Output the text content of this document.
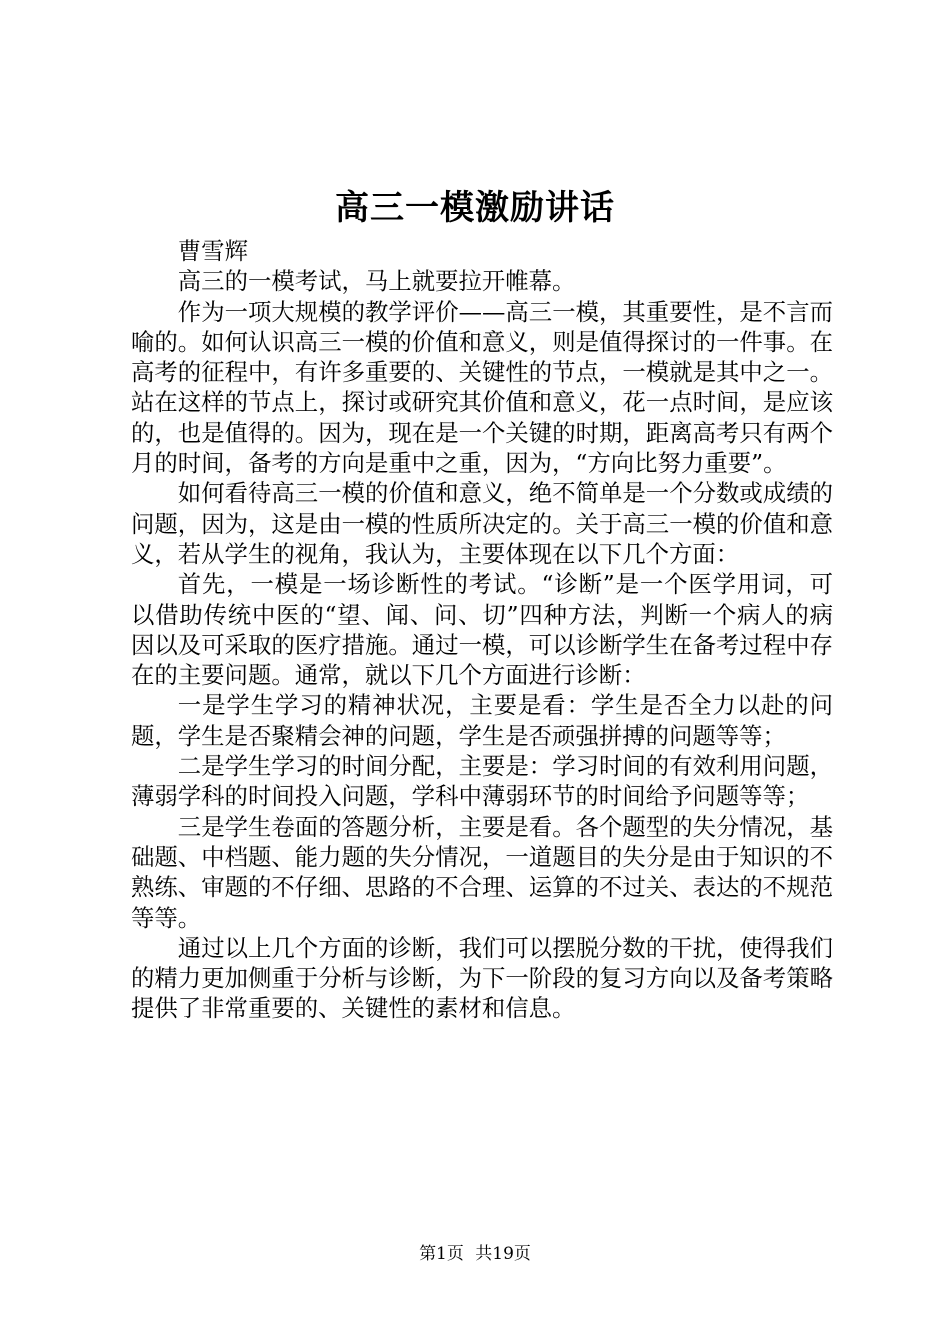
高三一模激励讲话

曹雪辉

高三的一模考试，马上就要拉开帷幕。

作为一项大规模的教学评价——高三一模，其重要性，是不言而喻的。如何认识高三一模的价值和意义，则是值得探讨的一件事。在高考的征程中，有许多重要的、关键性的节点，一模就是其中之一。站在这样的节点上，探讨或研究其价值和意义，花一点时间，是应该的，也是值得的。因为，现在是一个关键的时期，距离高考只有两个月的时间，备考的方向是重中之重，因为，“方向比努力重要”。

如何看待高三一模的价值和意义，绝不简单是一个分数或成绩的问题，因为，这是由一模的性质所决定的。关于高三一模的价值和意义，若从学生的视角，我认为，主要体现在以下几个方面：

首先，一模是一场诊断性的考试。“诊断”是一个医学用词，可以借助传统中医的“望、闻、问、切”四种方法，判断一个病人的病因以及可采取的医疗措施。通过一模，可以诊断学生在备考过程中存在的主要问题。通常，就以下几个方面进行诊断：

一是学生学习的精神状况，主要是看：学生是否全力以赴的问题，学生是否聚精会神的问题，学生是否顽强拼搏的问题等等；

二是学生学习的时间分配，主要是：学习时间的有效利用问题，薄弱学科的时间投入问题，学科中薄弱环节的时间给予问题等等；

三是学生卷面的答题分析，主要是看。各个题型的失分情况，基础题、中档题、能力题的失分情况，一道题目的失分是由于知识的不熟练、审题的不仔细、思路的不合理、运算的不过关、表达的不规范等等。

通过以上几个方面的诊断，我们可以摆脱分数的干扰，使得我们的精力更加侧重于分析与诊断，为下一阶段的复习方向以及备考策略提供了非常重要的、关键性的素材和信息。

第1页 共19页
